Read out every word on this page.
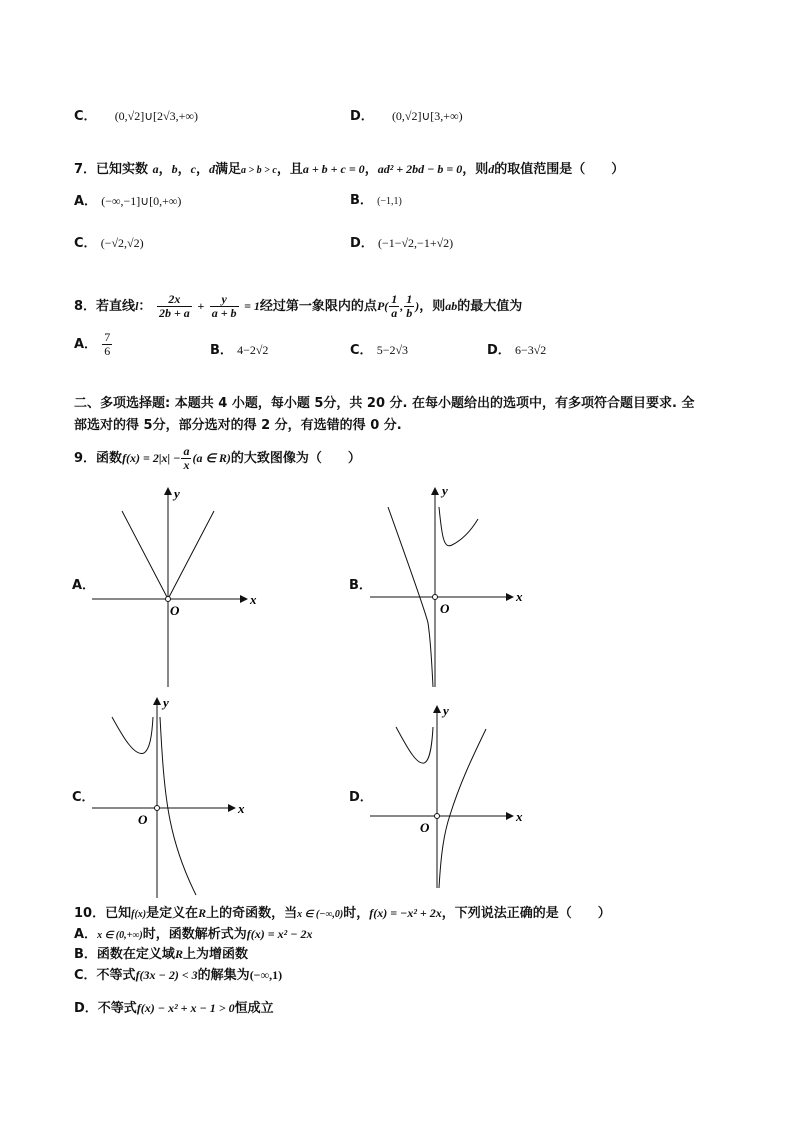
C． (0,√2]∪[2√3,+∞)	D． (0,√2]∪[3,+∞)
7．已知实数 a，b，c，d满足a > b > c，且a + b + c = 0，ad² + 2bd − b = 0，则d的取值范围是（　　）
A． (−∞,−1]∪[0,+∞)	B． (−1,1)
C． (−√2,√2)	D． (−1−√2,−1+√2)
8．若直线l： $\frac{2x}{2b + a} + \frac{y}{a + b} = 1$经过第一象限内的点$P( \frac{1}{a}$ , $\frac{1}{b}$ )，则ab的最大值为
A． $\frac{7}{6}$	B． 4−2√2	C． 5−2√3	D． 6−3√2
二、多项选择题: 本题共 4 小题，每小题 5分，共 20 分. 在每小题给出的选项中，有多项符合题目要求. 全
部选对的得 5分，部分选对的得 2 分，有选错的得 0 分.
9．函数$f(x) = 2|x| - \frac{a}{x} (a$ ∈ R)的大致图像为（　　）
A．	B．
C．	D．
x
y
O
x
y
O
x
y
O	x
y
O
10．已知f(x)是定义在R上的奇函数，当x ∈ (−∞,0)时，f(x) = −x² + 2x，下列说法正确的是（　　）
A．x ∈ (0,+∞)时，函数解析式为f(x) = x² − 2x
B．函数在定义域R上为增函数
C．不等式f(3x − 2) < 3的解集为(−∞,1)
D．不等式f(x) − x² + x − 1 > 0恒成立
